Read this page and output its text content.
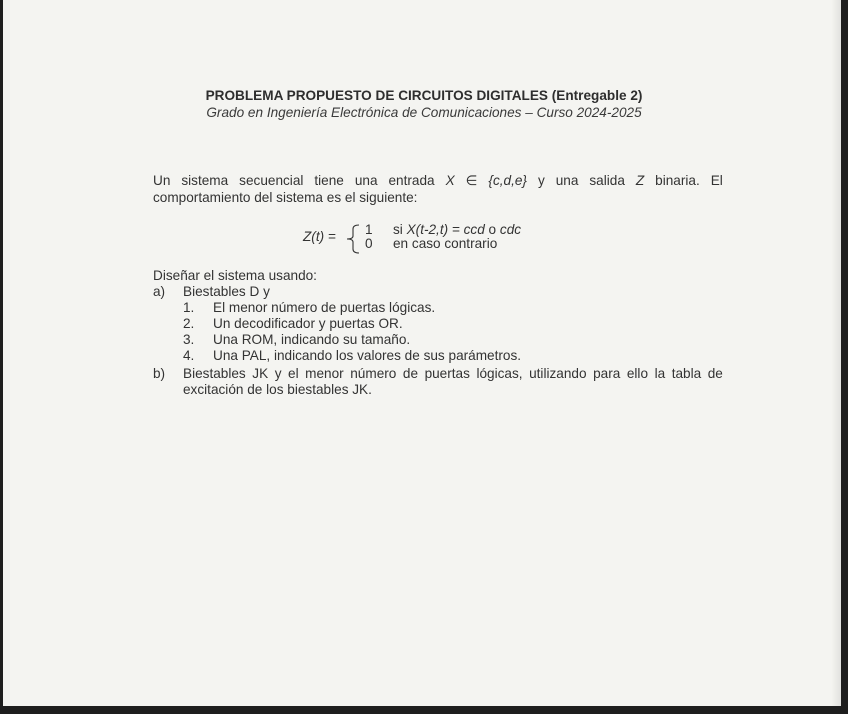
PROBLEMA PROPUESTO DE CIRCUITOS DIGITALES (Entregable 2)

Grado en Ingeniería Electrónica de Comunicaciones – Curso 2024-2025

Un sistema secuencial tiene una entrada X ∈ {c,d,e} y una salida Z binaria. El
comportamiento del sistema es el siguiente:
Z(t) = 1
0
si X(t-2,t) = ccd o cdc
en caso contrario
Diseñar el sistema usando:
a) Biestables D y
1. El menor número de puertas lógicas.
2. Un decodificador y puertas OR.
3. Una ROM, indicando su tamaño.
4. Una PAL, indicando los valores de sus parámetros.
b) Biestables JK y el menor número de puertas lógicas, utilizando para ello la tabla de
excitación de los biestables JK.
